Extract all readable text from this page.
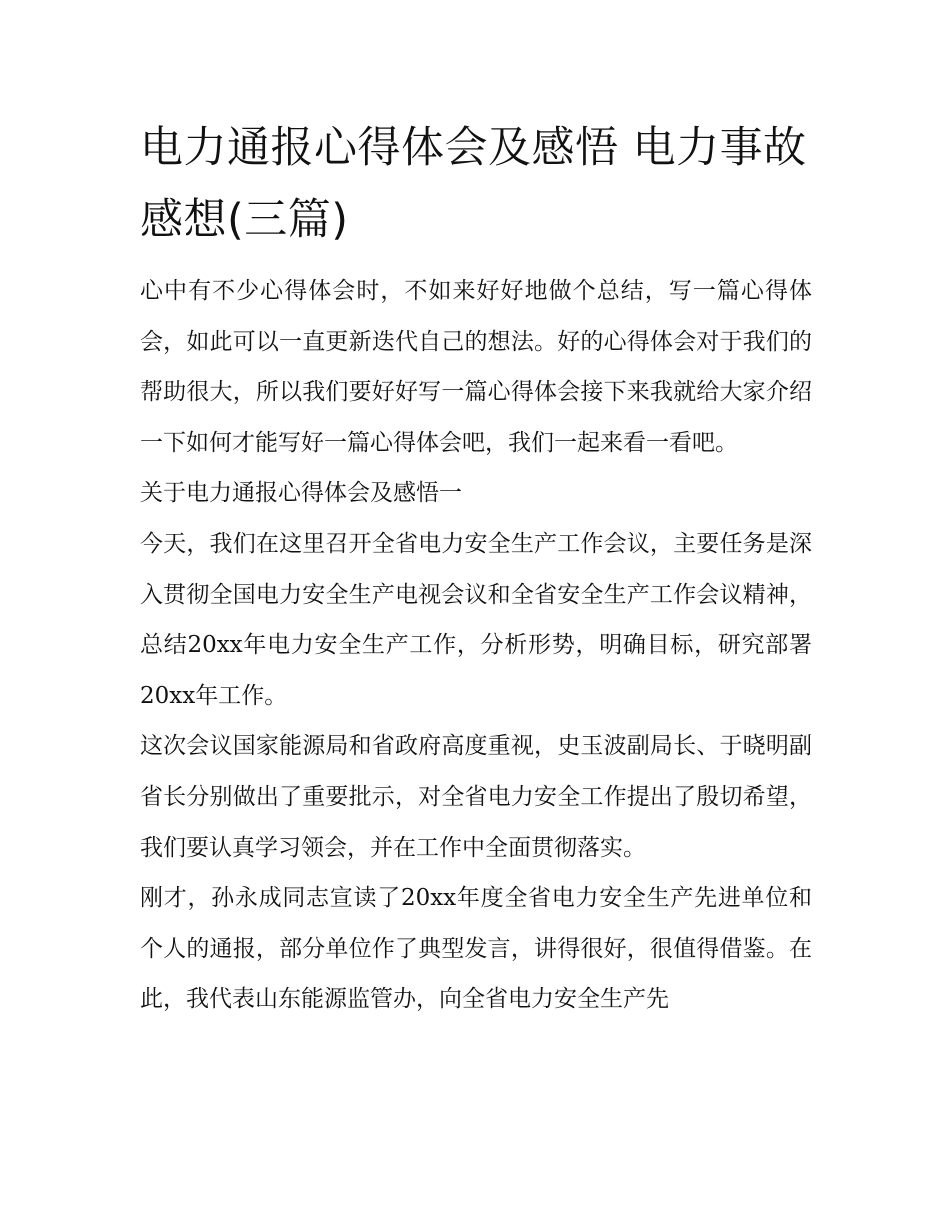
电力通报心得体会及感悟 电力事故感想(三篇)

心中有不少心得体会时，不如来好好地做个总结，写一篇心得体会，如此可以一直更新迭代自己的想法。好的心得体会对于我们的帮助很大，所以我们要好好写一篇心得体会接下来我就给大家介绍一下如何才能写好一篇心得体会吧，我们一起来看一看吧。

关于电力通报心得体会及感悟一

今天，我们在这里召开全省电力安全生产工作会议，主要任务是深入贯彻全国电力安全生产电视会议和全省安全生产工作会议精神，总结20xx年电力安全生产工作，分析形势，明确目标，研究部署20xx年工作。

这次会议国家能源局和省政府高度重视，史玉波副局长、于晓明副省长分别做出了重要批示，对全省电力安全工作提出了殷切希望，我们要认真学习领会，并在工作中全面贯彻落实。

刚才，孙永成同志宣读了20xx年度全省电力安全生产先进单位和个人的通报，部分单位作了典型发言，讲得很好，很值得借鉴。在此，我代表山东能源监管办，向全省电力安全生产先
